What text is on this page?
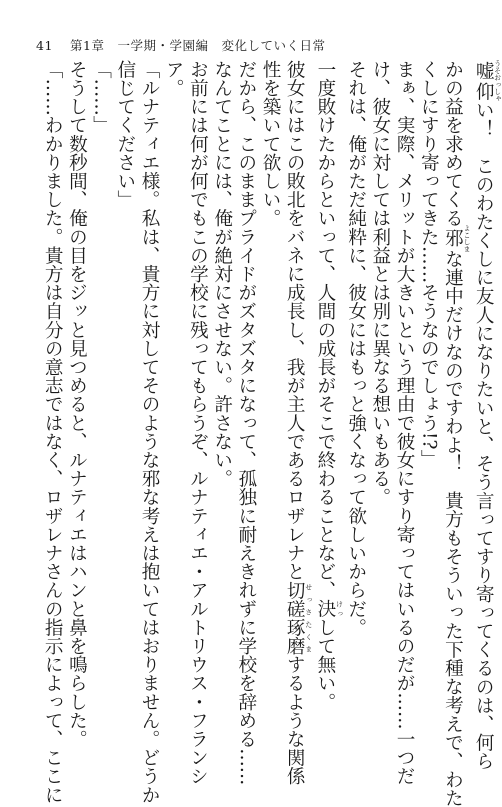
41	第1章　一学期・学園編　変化していく日常
嘘仰 うそおっしゃい！　このわたくしに友人になりたいと、そう言ってすり寄ってくるのは、何ら
かの益を求めてくる邪 よこしまな連中だけなのですわよ！　貴方もそういった下種な考えで、わた
くしにすり寄ってきた……そうなのでしょう!?」
まぁ、実際、メリットが大きいという理由で彼女にすり寄ってはいるのだが……一つだ
け、彼女に対しては利益とは別に異なる想いもある。
それは、俺がただ純粋に、彼女にはもっと強くなって欲しいからだ。
一度敗けたからといって、人間の成長がそこで終わることなど、決 けっして無い。
彼女にはこの敗北をバネに成長し、我が主人であるロザレナと切磋琢磨 せっさたくまするような関係
性を築いて欲しい。
だから、このままプライドがズタズタになって、孤独に耐えきれずに学校を辞める……
なんてことには、俺が絶対にさせない。許さない。
お前には何が何でもこの学校に残ってもらうぞ、ルナティエ・アルトリウス・フランシ
ア。
「ルナティエ様。私は、貴方に対してそのような邪な考えは抱いてはおりません。どうか
信じてください」
「……」
そうして数秒間、俺の目をジッと見つめると、ルナティエはハンと鼻を鳴らした。
「……わかりました。貴方は自分の意志ではなく、ロザレナさんの指示によって、ここに
